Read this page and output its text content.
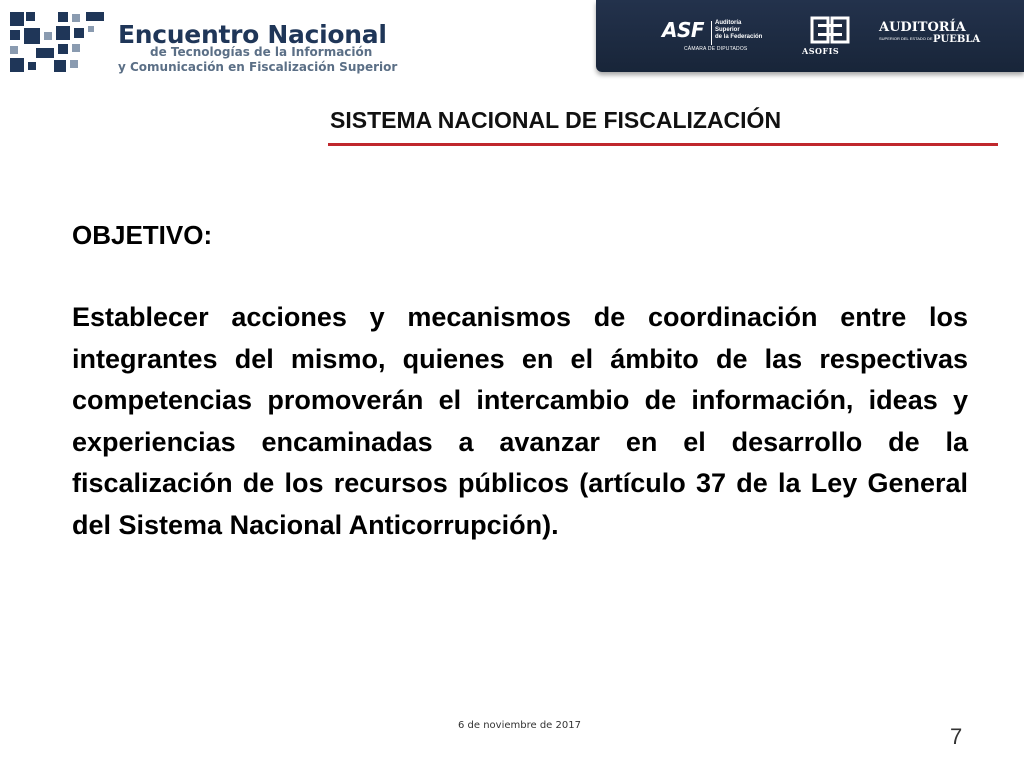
Encuentro Nacional
de Tecnologías de la Información
y Comunicación en Fiscalización Superior
ASF Auditoría
Superior
de la Federación
CÁMARA DE DIPUTADOS	ASOFIS
AUDITORÍA
SUPERIOR DEL ESTADO DE PUEBLA
SISTEMA NACIONAL DE FISCALIZACIÓN
OBJETIVO:
Establecer acciones y mecanismos de coordinación entre los integrantes del mismo, quienes en el ámbito de las respectivas competencias promoverán el intercambio de información, ideas y experiencias encaminadas a avanzar en el desarrollo de la fiscalización de los recursos públicos (artículo 37 de la Ley General del Sistema Nacional Anticorrupción).
6 de noviembre de 2017	7
